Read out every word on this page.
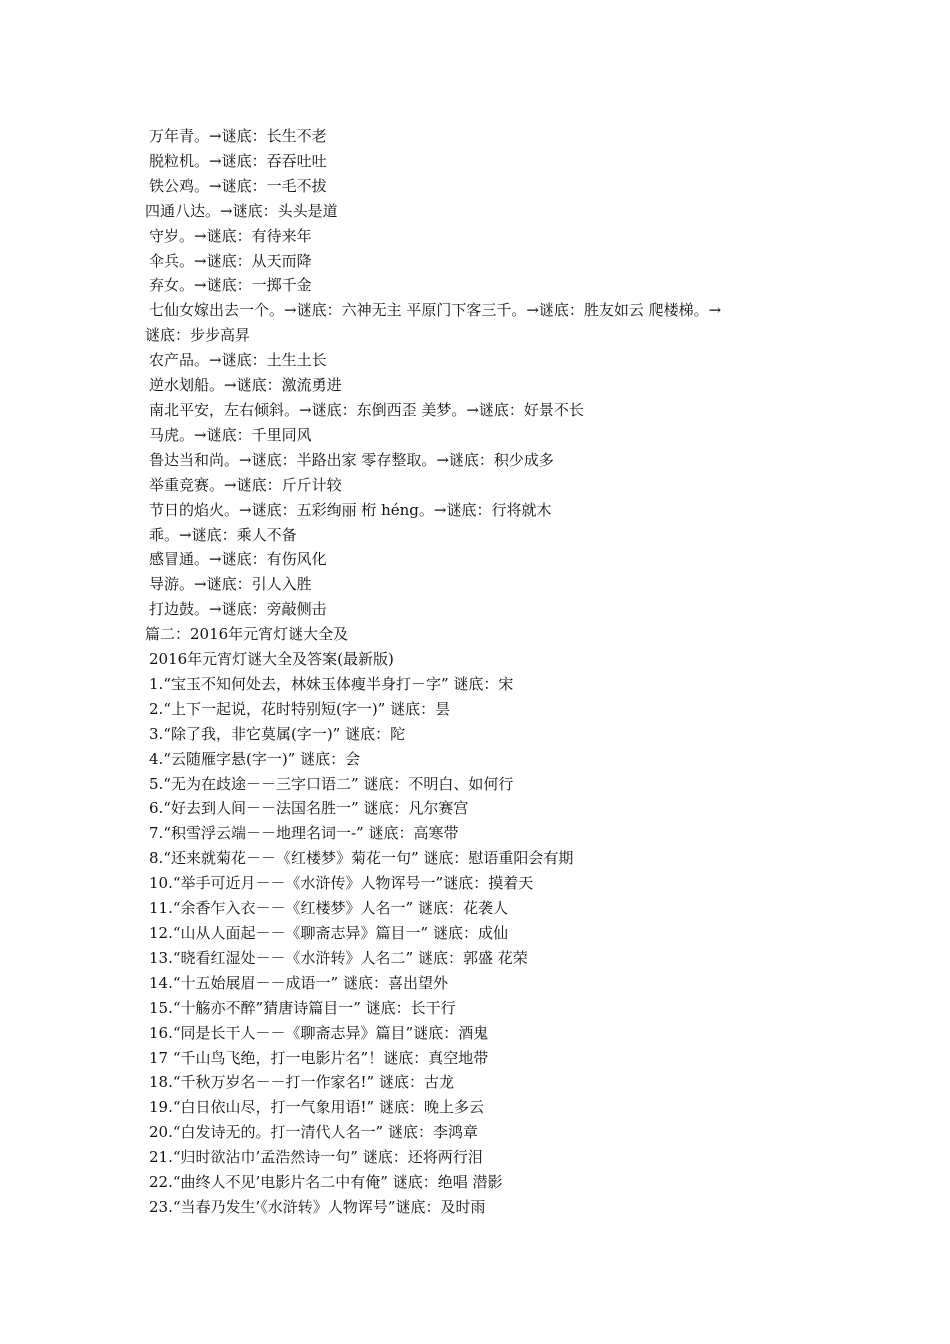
万年青。→谜底：长生不老

脱粒机。→谜底：吞吞吐吐

铁公鸡。→谜底：一毛不拔

四通八达。→谜底：头头是道

守岁。→谜底：有待来年

伞兵。→谜底：从天而降

弃女。→谜底：一掷千金

七仙女嫁出去一个。→谜底：六神无主 平原门下客三千。→谜底：胜友如云 爬楼梯。→

谜底：步步高昇

农产品。→谜底：土生土长

逆水划船。→谜底：激流勇进

南北平安，左右倾斜。→谜底：东倒西歪 美梦。→谜底：好景不长

马虎。→谜底：千里同风

鲁达当和尚。→谜底：半路出家 零存整取。→谜底：积少成多

举重竞赛。→谜底：斤斤计较

节日的焰火。→谜底：五彩绚丽 桁 héng。→谜底：行将就木

乖。→谜底：乘人不备

感冒通。→谜底：有伤风化

导游。→谜底：引人入胜

打边鼓。→谜底：旁敲侧击

篇二：2016年元宵灯谜大全及

2016年元宵灯谜大全及答案(最新版)

1.“宝玉不知何处去，林妹玉体瘦半身打－字” 谜底：宋

2.“上下一起说，花时特别短(字一)” 谜底：昙

3.“除了我，非它莫属(字一)” 谜底：陀

4.“云随雁字悬(字一)” 谜底：会

5.“无为在歧途－－三字口语二” 谜底：不明白、如何行

6.“好去到人间－－法国名胜一” 谜底：凡尔赛宫

7.“积雪浮云端－－地理名词一-” 谜底：高寒带

8.“还来就菊花－－《红楼梦》菊花一句” 谜底：慰语重阳会有期

10.“举手可近月－－《水浒传》人物诨号一”谜底：摸着天

11.“余香乍入衣－－《红楼梦》人名一” 谜底：花袭人

12.“山从人面起－－《聊斋志异》篇目一” 谜底：成仙

13.“晓看红湿处－－《水浒转》人名二” 谜底：郭盛 花荣

14.“十五始展眉－－成语一” 谜底：喜出望外

15.“十觞亦不醉”猜唐诗篇目一” 谜底：长干行

16.“同是长干人－－《聊斋志异》篇目”谜底：酒鬼

17 “千山鸟飞绝，打一电影片名”！谜底：真空地带

18.“千秋万岁名－－打一作家名!” 谜底：古龙

19.“白日依山尽，打一气象用语!” 谜底：晚上多云

20.“白发诗无的。打一清代人名一” 谜底：李鸿章

21.“归时欲沾巾’孟浩然诗一句” 谜底：还将两行泪

22.“曲终人不见’电影片名二中有俺” 谜底：绝唱 潜影

23.“当春乃发生’《水浒转》人物诨号”谜底：及时雨
